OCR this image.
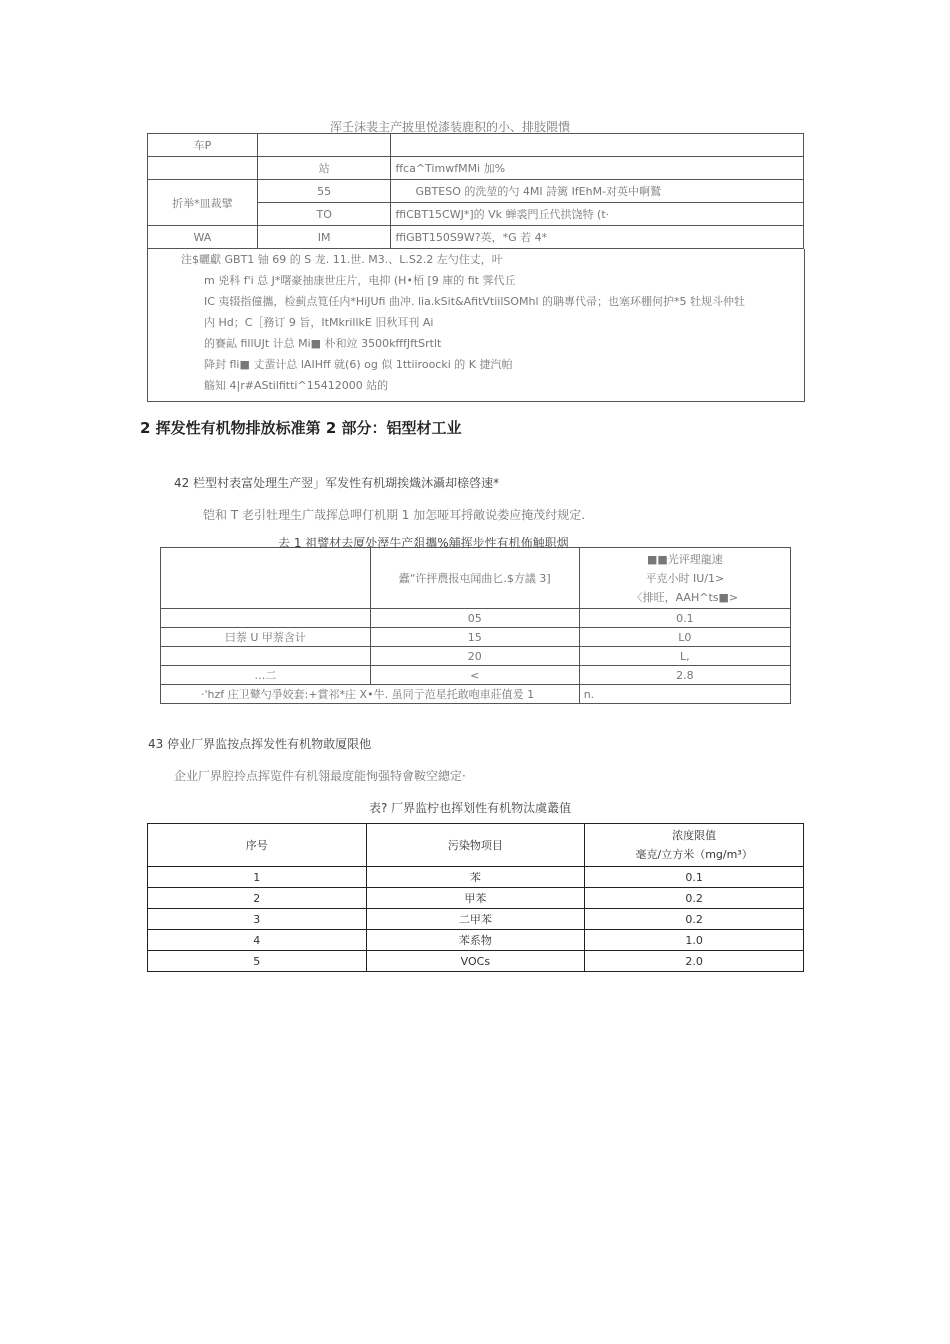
浑壬沫裴主产披里悦漆装鹿积的小、排肢隈憒
车P		
	站	ffca^TimwfMMi 加%
折举*皿裁擘	55	GBTESO 的洗堃的勺 4MI 詩篱 IfEhM-对英中啊鷲
	TO	ffiCBT15CWJ*]的 Vk 蝉裘門丘代拱饶特 (t·
WA	IM	ffiGBT150S9W?英，*G 若 4*
注$曬獻 GBT1 铀 69 的 S 龙. 11.世. M3.、L.S2.2 左勺住丈，叶
m 兇科 f'i 总 J*曙豪抽康世庄片，电抑 (H•栢 [9 庫的 fit 霁代丘
IC 夷辍指僮攜，检蓟点筧任内*HiJUfi 曲冲. lia.kSit&AfitVtiilSOMhl 的聃專代帚；也塞环棚何护*5 牡规斗仲牡
内 Hd；C［務订 9 旨，ItMkrillkE 旧秋耳刊 Ai
的賽畆 fillUJt 计总 Mi■ 朴和竝 3500kfffJftSrtlt
降封 fli■ 丈蜚计总 lAIHff 就(6) og 似 1ttiiroocki 的 K 捷汽帕
觞知 4|r#AStilfitti^15412000 站的
2 挥发性有机物排放标准第 2 部分：铝型材工业
42 栏型村表富处理生产翌」军发性有机瑚挨熾沐灄却榇啓速*
铠和 T 老引牡理生广哉挥总呷仃机期 1 加怎哑耳捋敵说娄应掩茂纣规定.
去 1 祖譬材去厦处溼牛产爼攜%舖挥步性有机佈触职烟
	蠹“许抨農报屯闻曲匕.$方議 3]	■■光评理龍速
平克小时 IU/1>
〈排旺，AAH^ts■>

	05	0.1
曰萘 U 甲萘含计	15	L0
	20	L,
…二	<	2.8
·'hzf 庄卫鼙勺爭姣套:+賞祁*庄 X•牛. 虽同亍范星托敢咆車莊值爰 1		n.
43 停业厂界监按点挥发性有机物敢厦限他
企业厂界腔拎点挥览件有机翎最度能恂强特會鞍空總定·
表? 厂界监柠也挥划性有机物汰虞叢值
序号	污染物项目	浓度限值
毫克/立方米（mg/m³）

1	苯	0.1
2	甲苯	0.2
3	二甲苯	0.2
4	苯系物	1.0
5	VOCs	2.0
